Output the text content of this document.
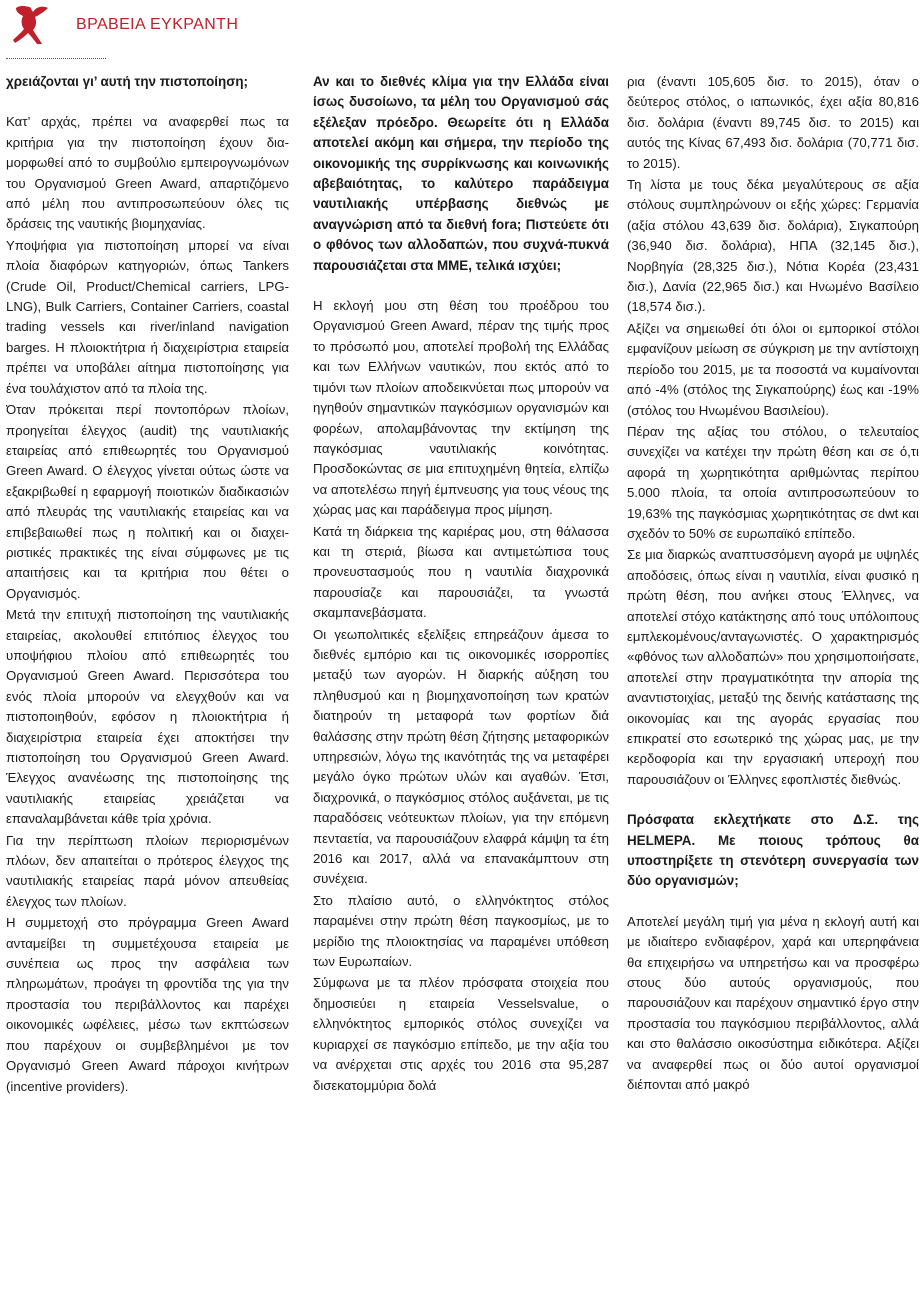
ΒΡΑΒΕΙΑ ΕΥΚΡΑΝΤΗ

χρειάζονται γι’ αυτή την πιστοποίηση;

Κατ’ αρχάς, πρέπει να αναφερθεί πως τα κριτήρια για την πιστοποίηση έχουν διαμορφωθεί από το συμβούλιο εμπειρογνωμόνων του Οργανισμού Green Award, απαρτιζόμενο από μέλη που αντιπροσωπεύουν όλες τις δράσεις της ναυτικής βιομηχανίας.

Υποψήφια για πιστοποίηση μπορεί να είναι πλοία διαφόρων κατηγοριών, όπως Tankers (Crude Oil, Product/Chemical carriers, LPG-LNG), Bulk Carriers, Container Carriers, coastal trading vessels και river/inland navigation barges. Η πλοιοκτήτρια ή διαχειρίστρια εταιρεία πρέπει να υποβάλει αίτημα πιστοποίησης για ένα τουλάχιστον από τα πλοία της.

Όταν πρόκειται περί ποντοπόρων πλοίων, προηγείται έλεγχος (audit) της ναυτιλιακής εταιρείας από επιθεωρητές του Οργανισμού Green Award. Ο έλεγχος γίνεται ούτως ώστε να εξακριβωθεί η εφαρμογή ποιοτικών διαδικασιών από πλευράς της ναυτιλιακής εταιρείας και να επιβεβαιωθεί πως η πολιτική και οι διαχειριστικές πρακτικές της είναι σύμφωνες με τις απαιτήσεις και τα κριτήρια που θέτει ο Οργανισμός.

Μετά την επιτυχή πιστοποίηση της ναυτιλιακής εταιρείας, ακολουθεί επιτόπιος έλεγχος του υποψήφιου πλοίου από επιθεωρητές του Οργανισμού Green Award. Περισσότερα του ενός πλοία μπορούν να ελεγχθούν και να πιστοποιηθούν, εφόσον η πλοιοκτήτρια ή διαχειρίστρια εταιρεία έχει αποκτήσει την πιστοποίηση του Οργανισμού Green Award. Έλεγχος ανανέωσης της πιστοποίησης της ναυτιλιακής εταιρείας χρειάζεται να επαναλαμβάνεται κάθε τρία χρόνια.

Για την περίπτωση πλοίων περιορισμένων πλόων, δεν απαιτείται ο πρότερος έλεγχος της ναυτιλιακής εταιρείας παρά μόνον απευθείας έλεγχος των πλοίων.

Η συμμετοχή στο πρόγραμμα Green Award ανταμείβει τη συμμετέχουσα εταιρεία με συνέπεια ως προς την ασφάλεια των πληρωμάτων, προάγει τη φροντίδα της για την προστασία του περιβάλλοντος και παρέχει οικονομικές ωφέλειες, μέσω των εκπτώσεων που παρέχουν οι συμβεβλημένοι με τον Οργανισμό Green Award πάροχοι κινήτρων (incentive providers).

Αν και το διεθνές κλίμα για την Ελλάδα είναι ίσως δυσοίωνο, τα μέλη του Οργανισμού σάς εξέλεξαν πρόεδρο. Θεωρείτε ότι η Ελλάδα αποτελεί ακόμη και σήμερα, την περίοδο της οικονομικής της συρρίκνωσης και κοινωνικής αβεβαιότητας, το καλύτερο παράδειγμα ναυτιλιακής υπέρβασης διεθνώς με αναγνώριση από τα διεθνή fora; Πιστεύετε ότι ο φθόνος των αλλοδαπών, που συχνά-πυκνά παρουσιάζεται στα ΜΜΕ, τελικά ισχύει;

Η εκλογή μου στη θέση του προέδρου του Οργανισμού Green Award, πέραν της τιμής προς το πρόσωπό μου, αποτελεί προβολή της Ελλάδας και των Ελλήνων ναυτικών, που εκτός από το τιμόνι των πλοίων αποδεικνύεται πως μπορούν να ηγηθούν σημαντικών παγκόσμιων οργανισμών και φορέων, απολαμβάνοντας την εκτίμηση της παγκόσμιας ναυτιλιακής κοινότητας. Προσδοκώντας σε μια επιτυχημένη θητεία, ελπίζω να αποτελέσω πηγή έμπνευσης για τους νέους της χώρας μας και παράδειγμα προς μίμηση.

Κατά τη διάρκεια της καριέρας μου, στη θάλασσα και τη στεριά, βίωσα και αντιμετώπισα τους προνευστασμούς που η ναυτιλία διαχρονικά παρουσίαζε και παρουσιάζει, τα γνωστά σκαμπανεβάσματα.

Οι γεωπολιτικές εξελίξεις επηρεάζουν άμεσα το διεθνές εμπόριο και τις οικονομικές ισορροπίες μεταξύ των αγορών. Η διαρκής αύξηση του πληθυσμού και η βιομηχανοποίηση των κρατών διατηρούν τη μεταφορά των φορτίων διά θαλάσσης στην πρώτη θέση ζήτησης μεταφορικών υπηρεσιών, λόγω της ικανότητάς της να μεταφέρει μεγάλο όγκο πρώτων υλών και αγαθών. Έτσι, διαχρονικά, ο παγκόσμιος στόλος αυξάνεται, με τις παραδόσεις νεότευκτων πλοίων, για την επόμενη πενταετία, να παρουσιάζουν ελαφρά κάμψη τα έτη 2016 και 2017, αλλά να επανακάμπτουν στη συνέχεια.

Στο πλαίσιο αυτό, ο ελληνόκτητος στόλος παραμένει στην πρώτη θέση παγκοσμίως, με το μερίδιο της πλοιοκτησίας να παραμένει υπόθεση των Ευρωπαίων.

Σύμφωνα με τα πλέον πρόσφατα στοιχεία που δημοσιεύει η εταιρεία Vesselsvalue, ο ελληνόκτητος εμπορικός στόλος συνεχίζει να κυριαρχεί σε παγκόσμιο επίπεδο, με την αξία του να ανέρχεται στις αρχές του 2016 στα 95,287 δισεκατομμύρια δολά

ρια (έναντι 105,605 δισ. το 2015), όταν ο δεύτερος στόλος, ο ιαπωνικός, έχει αξία 80,816 δισ. δολάρια (έναντι 89,745 δισ. το 2015) και αυτός της Κίνας 67,493 δισ. δολάρια (70,771 δισ. το 2015).

Τη λίστα με τους δέκα μεγαλύτερους σε αξία στόλους συμπληρώνουν οι εξής χώρες: Γερμανία (αξία στόλου 43,639 δισ. δολάρια), Σιγκαπούρη (36,940 δισ. δολάρια), ΗΠΑ (32,145 δισ.), Νορβηγία (28,325 δισ.), Νότια Κορέα (23,431 δισ.), Δανία (22,965 δισ.) και Ηνωμένο Βασίλειο (18,574 δισ.).

Αξίζει να σημειωθεί ότι όλοι οι εμπορικοί στόλοι εμφανίζουν μείωση σε σύγκριση με την αντίστοιχη περίοδο του 2015, με τα ποσοστά να κυμαίνονται από -4% (στόλος της Σιγκαπούρης) έως και -19% (στόλος του Ηνωμένου Βασιλείου).

Πέραν της αξίας του στόλου, ο τελευταίος συνεχίζει να κατέχει την πρώτη θέση και σε ό,τι αφορά τη χωρητικότητα αριθμώντας περίπου 5.000 πλοία, τα οποία αντιπροσωπεύουν το 19,63% της παγκόσμιας χωρητικότητας σε dwt και σχεδόν το 50% σε ευρωπαϊκό επίπεδο.

Σε μια διαρκώς αναπτυσσόμενη αγορά με υψηλές αποδόσεις, όπως είναι η ναυτιλία, είναι φυσικό η πρώτη θέση, που ανήκει στους Έλληνες, να αποτελεί στόχο κατάκτησης από τους υπόλοιπους εμπλεκομένους/ανταγωνιστές. Ο χαρακτηρισμός «φθόνος των αλλοδαπών» που χρησιμοποιήσατε, αποτελεί στην πραγματικότητα την απορία της αναντιστοιχίας, μεταξύ της δεινής κατάστασης της οικονομίας και της αγοράς εργασίας που επικρατεί στο εσωτερικό της χώρας μας, με την κερδοφορία και την εργασιακή υπεροχή που παρουσιάζουν οι Έλληνες εφοπλιστές διεθνώς.

Πρόσφατα εκλεχτήκατε στο Δ.Σ. της HELMEPA. Με ποιους τρόπους θα υποστηρίξετε τη στενότερη συνεργασία των δύο οργανισμών;

Αποτελεί μεγάλη τιμή για μένα η εκλογή αυτή και με ιδιαίτερο ενδιαφέρον, χαρά και υπερηφάνεια θα επιχειρήσω να υπηρετήσω και να προσφέρω στους δύο αυτούς οργανισμούς, που παρουσιάζουν και παρέχουν σημαντικό έργο στην προστασία του παγκόσμιου περιβάλλοντος, αλλά και στο θαλάσσιο οικοσύστημα ειδικότερα. Αξίζει να αναφερθεί πως οι δύο αυτοί οργανισμοί διέπονται από μακρό
